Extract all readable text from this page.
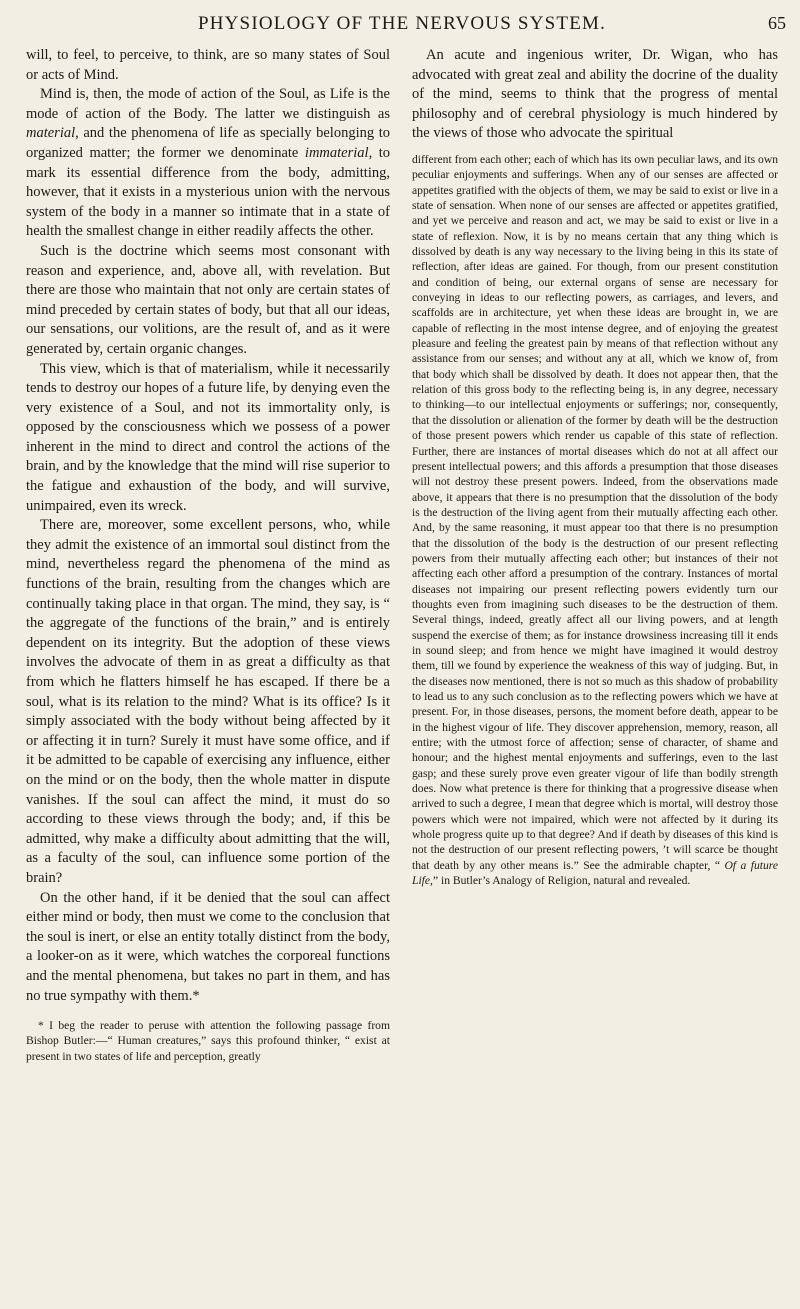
PHYSIOLOGY OF THE NERVOUS SYSTEM.	65

will, to feel, to perceive, to think, are so many states of Soul or acts of Mind.

Mind is, then, the mode of action of the Soul, as Life is the mode of action of the Body. The latter we distinguish as material, and the phenomena of life as specially belonging to organized matter; the former we denominate immaterial, to mark its essential difference from the body, admitting, however, that it exists in a mysterious union with the nervous system of the body in a manner so intimate that in a state of health the smallest change in either readily affects the other.

Such is the doctrine which seems most consonant with reason and experience, and, above all, with revelation. But there are those who maintain that not only are certain states of mind preceded by certain states of body, but that all our ideas, our sensations, our volitions, are the result of, and as it were generated by, certain organic changes.

This view, which is that of materialism, while it necessarily tends to destroy our hopes of a future life, by denying even the very existence of a Soul, and not its immortality only, is opposed by the consciousness which we possess of a power inherent in the mind to direct and control the actions of the brain, and by the knowledge that the mind will rise superior to the fatigue and exhaustion of the body, and will survive, unimpaired, even its wreck.

There are, moreover, some excellent persons, who, while they admit the existence of an immortal soul distinct from the mind, nevertheless regard the phenomena of the mind as functions of the brain, resulting from the changes which are continually taking place in that organ. The mind, they say, is “ the aggregate of the functions of the brain,” and is entirely dependent on its integrity. But the adoption of these views involves the advocate of them in as great a difficulty as that from which he flatters himself he has escaped. If there be a soul, what is its relation to the mind? What is its office? Is it simply associated with the body without being affected by it or affecting it in turn? Surely it must have some office, and if it be admitted to be capable of exercising any influence, either on the mind or on the body, then the whole matter in dispute vanishes. If the soul can affect the mind, it must do so according to these views through the body; and, if this be admitted, why make a difficulty about admitting that the will, as a faculty of the soul, can influence some portion of the brain?

On the other hand, if it be denied that the soul can affect either mind or body, then must we come to the conclusion that the soul is inert, or else an entity totally distinct from the body, a looker-on as it were, which watches the corporeal functions and the mental phenomena, but takes no part in them, and has no true sympathy with them.*

* I beg the reader to peruse with attention the following passage from Bishop Butler:—“ Human creatures,” says this profound thinker, “ exist at present in two states of life and perception, greatly

An acute and ingenious writer, Dr. Wigan, who has advocated with great zeal and ability the docrine of the duality of the mind, seems to think that the progress of mental philosophy and of cerebral physiology is much hindered by the views of those who advocate the spiritual

different from each other; each of which has its own peculiar laws, and its own peculiar enjoyments and sufferings. When any of our senses are affected or appetites gratified with the objects of them, we may be said to exist or live in a state of sensation. When none of our senses are affected or appetites gratified, and yet we perceive and reason and act, we may be said to exist or live in a state of reflexion. Now, it is by no means certain that any thing which is dissolved by death is any way necessary to the living being in this its state of reflection, after ideas are gained. For though, from our present constitution and condition of being, our external organs of sense are necessary for conveying in ideas to our reflecting powers, as carriages, and levers, and scaffolds are in architecture, yet when these ideas are brought in, we are capable of reflecting in the most intense degree, and of enjoying the greatest pleasure and feeling the greatest pain by means of that reflection without any assistance from our senses; and without any at all, which we know of, from that body which shall be dissolved by death. It does not appear then, that the relation of this gross body to the reflecting being is, in any degree, necessary to thinking—to our intellectual enjoyments or sufferings; nor, consequently, that the dissolution or alienation of the former by death will be the destruction of those present powers which render us capable of this state of reflection. Further, there are instances of mortal diseases which do not at all affect our present intellectual powers; and this affords a presumption that those diseases will not destroy these present powers. Indeed, from the observations made above, it appears that there is no presumption that the dissolution of the body is the destruction of the living agent from their mutually affecting each other. And, by the same reasoning, it must appear too that there is no presumption that the dissolution of the body is the destruction of our present reflecting powers from their mutually affecting each other; but instances of their not affecting each other afford a presumption of the contrary. Instances of mortal diseases not impairing our present reflecting powers evidently turn our thoughts even from imagining such diseases to be the destruction of them. Several things, indeed, greatly affect all our living powers, and at length suspend the exercise of them; as for instance drowsiness increasing till it ends in sound sleep; and from hence we might have imagined it would destroy them, till we found by experience the weakness of this way of judging. But, in the diseases now mentioned, there is not so much as this shadow of probability to lead us to any such conclusion as to the reflecting powers which we have at present. For, in those diseases, persons, the moment before death, appear to be in the highest vigour of life. They discover apprehension, memory, reason, all entire; with the utmost force of affection; sense of character, of shame and honour; and the highest mental enjoyments and sufferings, even to the last gasp; and these surely prove even greater vigour of life than bodily strength does. Now what pretence is there for thinking that a progressive disease when arrived to such a degree, I mean that degree which is mortal, will destroy those powers which were not impaired, which were not affected by it during its whole progress quite up to that degree? And if death by diseases of this kind is not the destruction of our present reflecting powers, ’t will scarce be thought that death by any other means is.” See the admirable chapter, “ Of a future Life,” in Butler’s Analogy of Religion, natural and revealed.
